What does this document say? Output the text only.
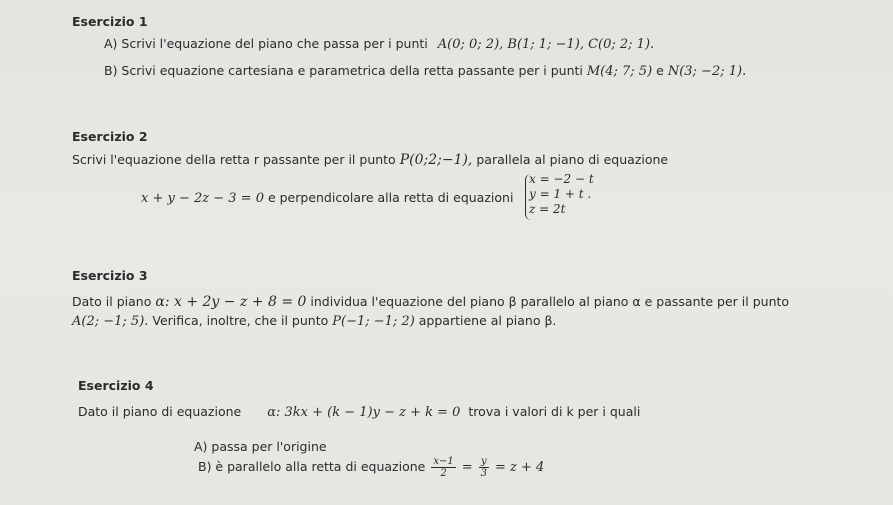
Esercizio 1
A) Scrivi l'equazione del piano che passa per i punti A(0; 0; 2), B(1; 1; −1), C(0; 2; 1).
B) Scrivi equazione cartesiana e parametrica della retta passante per i punti M(4; 7; 5) e N(3; −2; 1).
Esercizio 2
Scrivi l'equazione della retta r passante per il punto P(0;2;−1), parallela al piano di equazione
x + y − 2z − 3 = 0 e perpendicolare alla retta di equazioni
x = −2 − t
y = 1 + t .
z = 2t
Esercizio 3
Dato il piano α: x + 2y − z + 8 = 0 individua l'equazione del piano β parallelo al piano α e passante per il punto
A(2; −1; 5). Verifica, inoltre, che il punto P(−1; −1; 2) appartiene al piano β.
Esercizio 4
Dato il piano di equazione α: 3kx + (k − 1)y − z + k = 0 trova i valori di k per i quali
A) passa per l'origine
B) è parallelo alla retta di equazione $\frac{x-1}{2} = \frac{y}{3} = z + 4$
